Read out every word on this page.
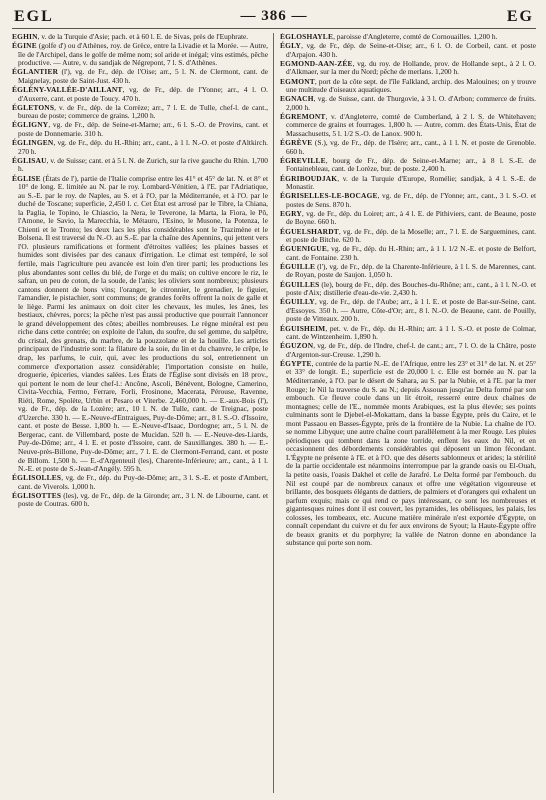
EGL	— 386 —	EG

EGHIN, v. de la Turquie d'Asie; pach. et à 60 l. E. de Sivas, près de l'Euphrate.

ÉGINE (golfe d') ou d'Athènes, roy. de Grèce, entre la Livadie et la Morée. — Autre, île de l'Archipel, dans le golfe de même nom; sol aride et inégal; vins estimés, pêche productive. — Autre, v. du sandjak de Négrepont, 7 l. S. d'Athènes.

ÉGLANTIER (l'), vg. de Fr., dép. de l'Oise; arr., 5 l. N. de Clermont, cant. de Maignelay, poste de Saint-Just. 430 h.

ÉGLÉNY-VALLÉE-D'AILLANT, vg. de Fr., dép. de l'Yonne; arr., 4 l. O. d'Auxerre, cant. et poste de Toucy. 470 h.

ÉGLETONS, v. de Fr., dép. de la Corrèze; arr., 7 l. E. de Tulle, chef-l. de cant., bureau de poste; commerce de grains. 1,200 h.

ÉGLIGNY, vg. de Fr., dép. de Seine-et-Marne; arr., 6 l. S.-O. de Provins, cant. et poste de Donnemarie. 310 h.

ÉGLINGEN, vg. de Fr., dép. du H.-Rhin; arr., cant., à 1 l. N.-O. et poste d'Altkirch. 270 h.

ÉGLISAU, v. de Suisse; cant. et à 5 l. N. de Zurich, sur la rive gauche du Rhin. 1,700 h.

ÉGLISE (États de l'), partie de l'Italie comprise entre les 41° et 45° de lat. N. et 8° et 10° de long. E. limitée au N. par le roy. Lombard-Vénitien, à l'E. par l'Adriatique, au S.-E. par le roy. de Naples, au S. et à l'O. par la Méditerranée, et à l'O. par le duché de Toscane; superficie, 2,450 l. c. Cet État est arrosé par le Tibre, la Chiana, la Paglia, le Topino, le Chiascio, la Nera, le Teverone, la Marta, la Fiora, le Pô, l'Amone, le Savio, la Marecchia, le Métauro, l'Esino, le Musone, la Potenza, le Chienti et le Tronto; les deux lacs les plus considérables sont le Trazimène et le Bolsena. Il est traversé du N.-O. au S.-E. par la chaîne des Apennins, qui jettent vers l'O. plusieurs ramifications et forment d'étroites vallées; les plaines basses et humides sont divisées par des canaux d'irrigation. Le climat est tempéré, le sol fertile, mais l'agriculture peu avancée est loin d'en tirer parti; les productions les plus abondantes sont celles du blé, de l'orge et du maïs; on cultive encore le riz, le safran, un peu de coton, de la soude, de l'anis; les oliviers sont nombreux; plusieurs cantons donnent de bons vins; l'oranger, le citronnier, le grenadier, le figuier, l'amandier, le pistachier, sont communs; de grandes forêts offrent la noix de galle et le liège. Parmi les animaux on doit citer les chevaux, les mules, les ânes, les bestiaux, chèvres, porcs; la pêche n'est pas aussi productive que pourrait l'annoncer le grand développement des côtes; abeilles nombreuses. Le règne minéral est peu riche dans cette contrée; on exploite de l'alun, du soufre, du sel gemme, du salpêtre, du cristal, des grenats, du marbre, de la pouzzolane et de la houille. Les articles principaux de l'industrie sont: la filature de la soie, du lin et du chanvre, le crêpe, le drap, les parfums, le cuir, qui, avec les productions du sol, entretiennent un commerce d'exportation assez considérable; l'importation consiste en huile, droguerie, épiceries, viandes salées. Les États de l'Église sont divisés en 18 prov., qui portent le nom de leur chef-l.: Ancône, Ascoli, Bénévent, Bologne, Camerino, Civita-Vecchia, Fermo, Ferrare, Forli, Frosinone, Macerata, Pérouse, Ravenne, Riéti, Rome, Spolète, Urbin et Pesaro et Viterbe. 2,460,000 h. — E.-aux-Bois (l'), vg. de Fr., dép. de la Lozère; arr., 10 l. N. de Tulle, cant. de Treignac, poste d'Uzerche. 330 h. — E.-Neuve-d'Entraigues, Puy-de-Dôme; arr., 8 l. S.-O. d'Issoire, cant. et poste de Besse. 1,800 h. — E.-Neuve-d'Isaac, Dordogne; arr., 5 l. N. de Bergerac, cant. de Villembard, poste de Mucidan. 520 h. — E.-Neuve-des-Liards, Puy-de-Dôme; arr., 4 l. E. et poste d'Issoire, cant. de Sauxillanges. 380 h. — E.-Neuve-près-Billone, Puy-de-Dôme; arr., 7 l. E. de Clermont-Ferrand, cant. et poste de Billom. 1,500 h. — E.-d'Argenteuil (les), Charente-Inférieure; arr., cant., à 1 l. N.-E. et poste de S.-Jean-d'Angély. 595 h.

ÉGLISOLLES, vg. de Fr., dép. du Puy-de-Dôme; arr., 3 l. S.-E. et poste d'Ambert, cant. de Viverols. 1,000 h.

ÉGLISOTTES (les), vg. de Fr., dép. de la Gironde; arr., 3 l. N. de Libourne, cant. et poste de Coutras. 600 h.

ÉGLOSHAYLE, paroisse d'Angleterre, comté de Cornouailles. 1,200 h.

ÉGLY, vg. de Fr., dép. de Seine-et-Oise; arr., 6 l. O. de Corbeil, cant. et poste d'Arpajon. 430 h.

EGMOND-AAN-ZÉE, vg. du roy. de Hollande, prov. de Hollande sept., à 2 l. O. d'Alkmaer, sur la mer du Nord; pêche de merlans. 1,200 h.

EGMONT, port de la côte sept. de l'île Falkland, archip. des Malouines; on y trouve une multitude d'oiseaux aquatiques.

EGNACH, vg. de Suisse, cant. de Thurgovie, à 3 l. O. d'Arbon; commerce de fruits. 2,000 h.

ÉGREMONT, v. d'Angleterre, comté de Cumberland, à 2 l. S. de Whitehaven; commerce de grains et fourrages. 1,800 h. — Autre, comm. des États-Unis, État de Massachusetts, 5 l. 1/2 S.-O. de Lanox. 900 h.

ÉGRÈVE (S.), vg. de Fr., dép. de l'Isère; arr., cant., à 1 l. N. et poste de Grenoble. 660 h.

ÉGREVILLE, bourg de Fr., dép. de Seine-et-Marne; arr., à 8 l. S.-E. de Fontainebleau, cant. de Lorèze, bur. de poste. 2,400 h.

ÉGRIBOUDJAK, v. de la Turquie d'Europe, Romélie; sandjak, à 4 l. S.-E. de Monastir.

ÉGRISELLES-LE-BOCAGE, vg. de Fr., dép. de l'Yonne; arr., cant., 3 l. S.-O. et postes de Sens. 870 h.

EGRY, vg. de Fr., dép. du Loiret; arr., à 4 l. E. de Pithiviers, cant. de Beaune, poste de Boyne. 660 h.

ÉGUELSHARDT, vg. de Fr., dép. de la Moselle; arr., 7 l. E. de Sarguemines, cant. et poste de Bitche. 620 h.

ÉGUENIGUE, vg. de Fr., dép. du H.-Rhin; arr., à 1 l. 1/2 N.-E. et poste de Belfort, cant. de Fontaine. 230 h.

ÉGUILLE (l'), vg. de Fr., dép. de la Charente-Inférieure, à 1 l. S. de Marennes, cant. de Royan, poste de Saujon. 1,050 h.

ÉGUILLES (le), bourg de Fr., dép. des Bouches-du-Rhône; arr., cant., à 1 l. N.-O. et poste d'Aix; distillerie d'eau-de-vie. 2,430 h.

ÉGUILLY, vg. de Fr., dép. de l'Aube; arr., à 1 l. E. et poste de Bar-sur-Seine, cant. d'Essoyes. 350 h. — Autre, Côte-d'Or; arr., 8 l. N.-O. de Beaune, cant. de Pouilly, poste de Vitteaux. 200 h.

ÉGUISHEIM, pet. v. de Fr., dép. du H.-Rhin; arr. à 1 l. S.-O. et poste de Colmar, cant. de Wintzenheim. 1,890 h.

ÉGUZON, vg. de Fr., dép. de l'Indre, chef-l. de cant.; arr., 7 l. O. de la Châtre, poste d'Argenton-sur-Creuse. 1,290 h.

ÉGYPTE, contrée de la partie N.-E. de l'Afrique, entre les 23° et 31° de lat. N. et 25° et 33° de longit. E.; superficie est de 20,000 l. c. Elle est bornée au N. par la Méditerranée, à l'O. par le désert de Sahara, au S. par la Nubie, et à l'E. par la mer Rouge; le Nil la traverse du S. au N.; depuis Assouan jusqu'au Delta formé par son embouch. Ce fleuve coule dans un lit étroit, resserré entre deux chaînes de montagnes; celle de l'E., nommée monts Arabiques, est la plus élevée; ses points culminants sont le Djebel-el-Mokattam, dans la basse Égypte, près du Caire, et le mont Passaou en Basses-Égypte, près de la frontière de la Nubie. La chaîne de l'O. se nomme Libyque; une autre chaîne court parallèlement à la mer Rouge. Les pluies périodiques qui tombent dans la zone torride, enflent les eaux du Nil, et en occasionnent des débordements considérables qui déposent un limon fécondant. L'Égypte ne présente à l'E. et à l'O. que des déserts sablonneux et arides; la stérilité de la partie occidentale est néanmoins interrompue par la grande oasis ou El-Ouah, la petite oasis, l'oasis Dakhel et celle de Jarafré. Le Delta formé par l'embouch. du Nil est coupé par de nombreux canaux et offre une végétation vigoureuse et brillante, des bosquets élégants de dattiers, de palmiers et d'orangers qui exhalent un parfum exquis; mais ce qui rend ce pays intéressant, ce sont les nombreuses et gigantesques ruines dont il est couvert, les pyramides, les obélisques, les palais, les colosses, les tombeaux, etc. Aucune matière minérale n'est exportée d'Égypte, on connaît cependant du cuivre et du fer aux environs de Syout; la Haute-Égypte offre de beaux granits et du porphyre; la vallée de Natron donne en abondance la substance qui porte son nom.
